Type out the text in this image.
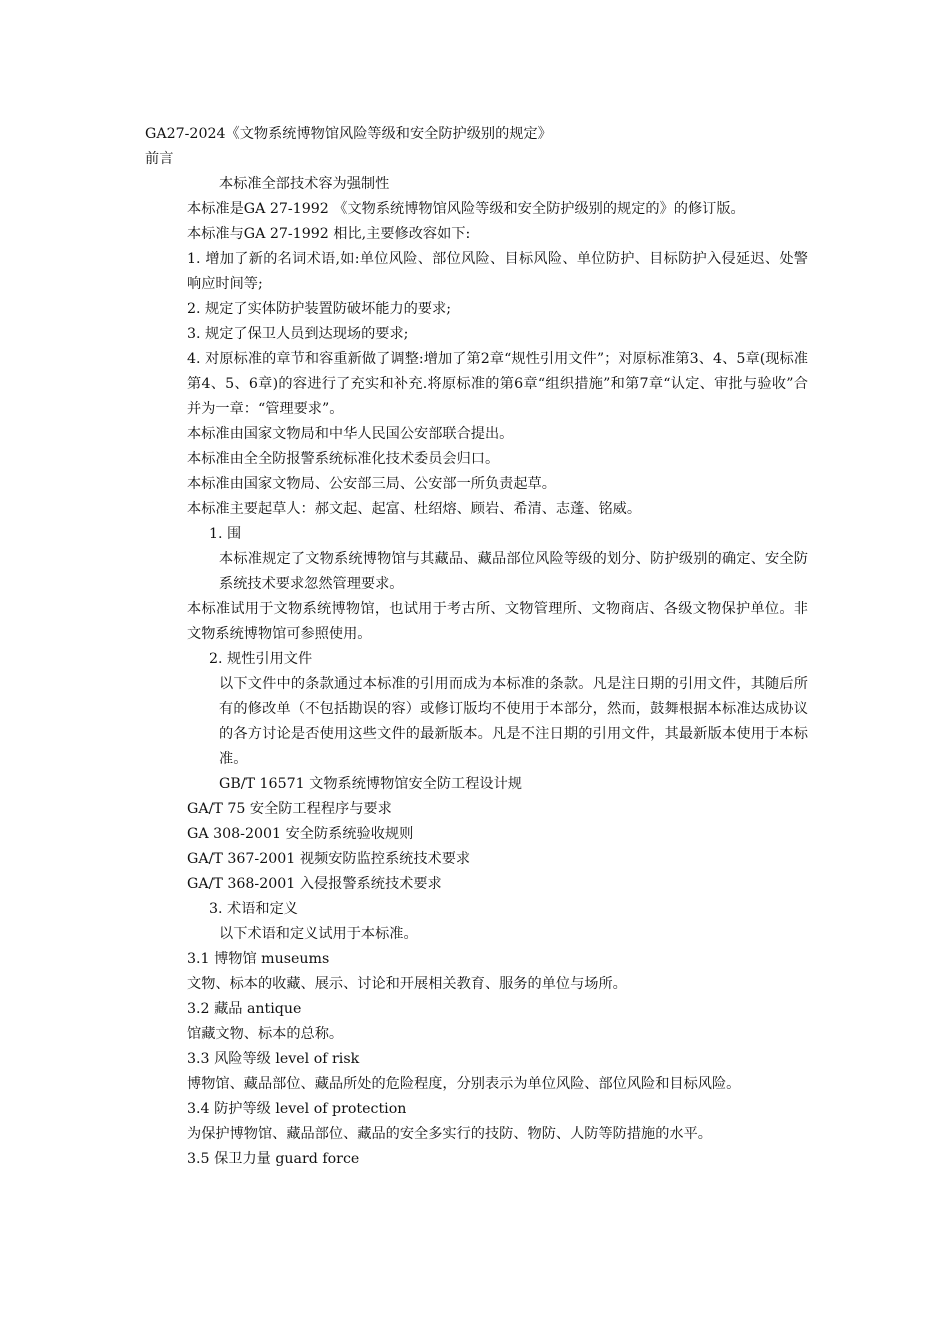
GA27-2024《文物系统博物馆风险等级和安全防护级别的规定》
前言
本标准全部技术容为强制性
本标准是GA 27-1992 《文物系统博物馆风险等级和安全防护级别的规定的》的修订版。
本标准与GA 27-1992 相比,主要修改容如下:
1. 增加了新的名词术语,如:单位风险、部位风险、目标风险、单位防护、目标防护入侵延迟、处警响应时间等;
2. 规定了实体防护装置防破坏能力的要求;
3. 规定了保卫人员到达现场的要求;
4. 对原标准的章节和容重新做了调整:增加了第2章“规性引用文件”；对原标准第3、4、5章(现标准第4、5、6章)的容进行了充实和补充.将原标准的第6章“组织措施”和第7章“认定、审批与验收”合并为一章：“管理要求”。
本标准由国家文物局和中华人民国公安部联合提出。
本标准由全全防报警系统标准化技术委员会归口。
本标准由国家文物局、公安部三局、公安部一所负责起草。
本标准主要起草人：郝文起、起富、杜绍熔、顾岩、希清、志蓬、铭威。
1. 围
本标准规定了文物系统博物馆与其藏品、藏品部位风险等级的划分、防护级别的确定、安全防系统技术要求忽然管理要求。
本标准试用于文物系统博物馆，也试用于考古所、文物管理所、文物商店、各级文物保护单位。非文物系统博物馆可参照使用。
2. 规性引用文件
以下文件中的条款通过本标准的引用而成为本标准的条款。凡是注日期的引用文件，其随后所有的修改单（不包括勘误的容）或修订版均不使用于本部分，然而，鼓舞根据本标准达成协议的各方讨论是否使用这些文件的最新版本。凡是不注日期的引用文件，其最新版本使用于本标准。
GB/T 16571 文物系统博物馆安全防工程设计规
GA/T 75 安全防工程程序与要求
GA 308-2001 安全防系统验收规则
GA/T 367-2001 视频安防监控系统技术要求
GA/T 368-2001 入侵报警系统技术要求
3. 术语和定义
以下术语和定义试用于本标准。
3.1 博物馆 museums
文物、标本的收藏、展示、讨论和开展相关教育、服务的单位与场所。
3.2 藏品 antique
馆藏文物、标本的总称。
3.3 风险等级 level of risk
博物馆、藏品部位、藏品所处的危险程度，分别表示为单位风险、部位风险和目标风险。
3.4 防护等级 level of protection
为保护博物馆、藏品部位、藏品的安全多实行的技防、物防、人防等防措施的水平。
3.5 保卫力量 guard force
